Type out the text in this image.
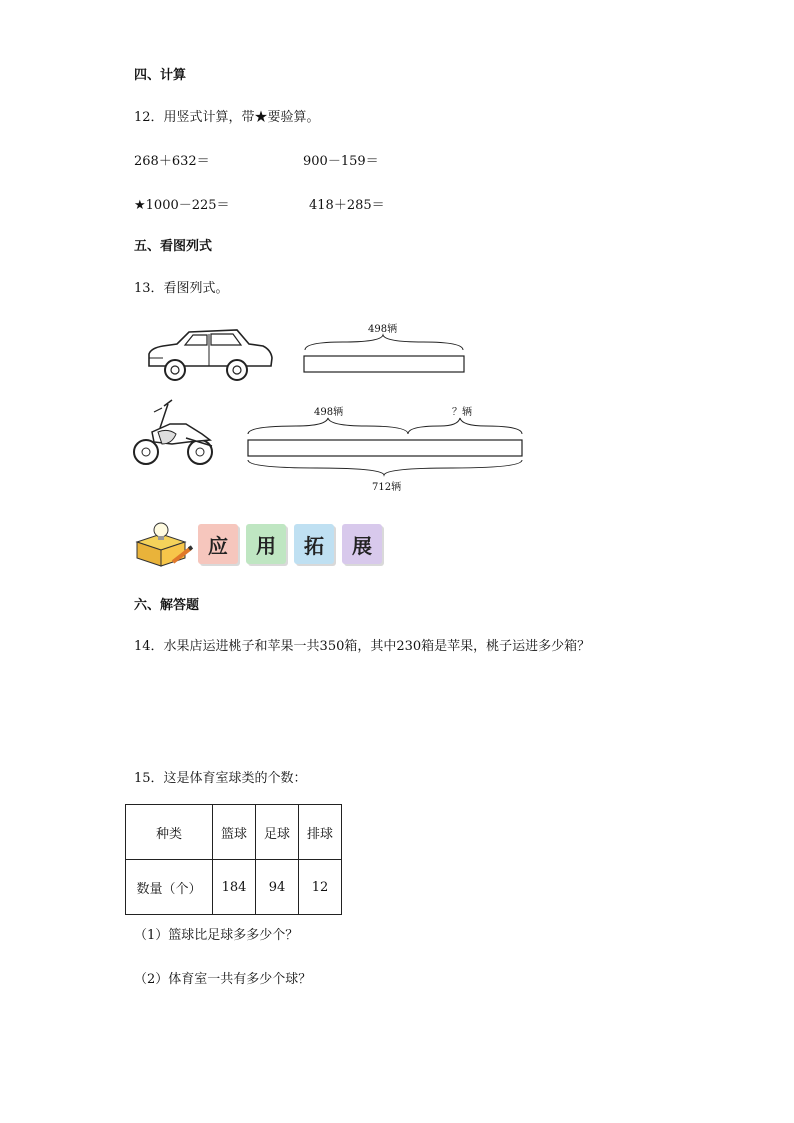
四、计算
12．用竖式计算，带★要验算。
268＋632＝	900－159＝
★1000－225＝	418＋285＝
五、看图列式
13．看图列式。
498辆
498辆	？辆
712辆
应 用 拓 展
六、解答题
14．水果店运进桃子和苹果一共350箱，其中230箱是苹果，桃子运进多少箱？
15．这是体育室球类的个数：
种类	篮球	足球	排球
数量（个）	184	94	12
（1）篮球比足球多多少个？
（2）体育室一共有多少个球？
